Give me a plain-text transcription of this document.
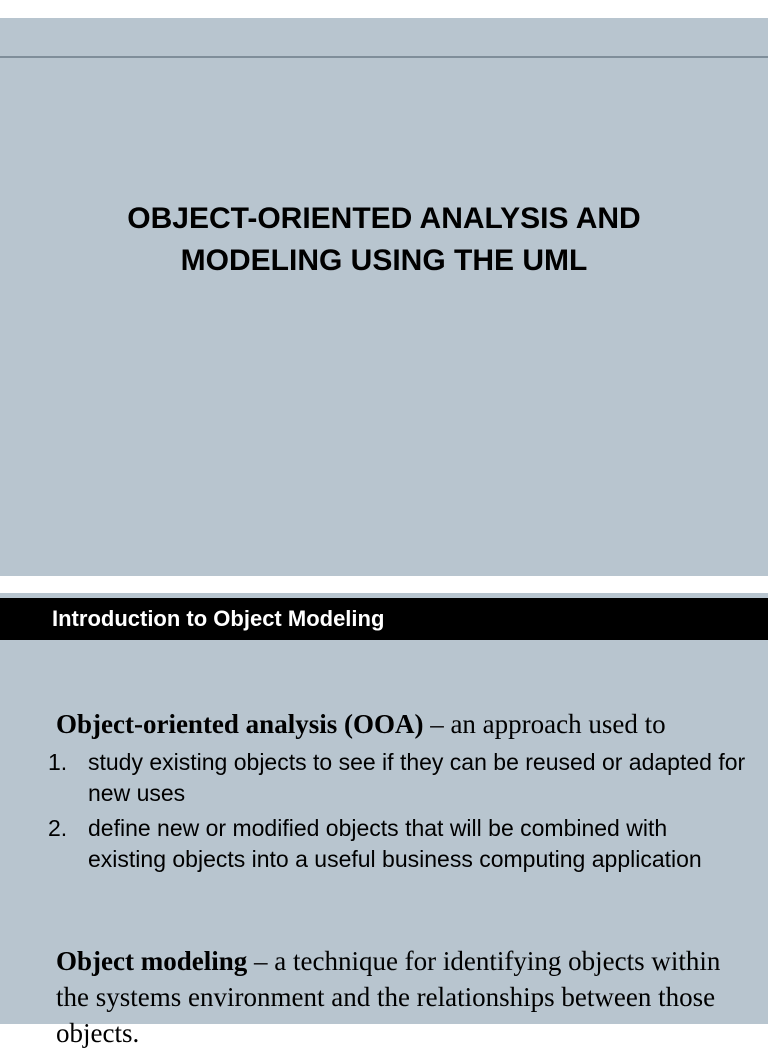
OBJECT-ORIENTED ANALYSIS AND
MODELING USING THE UML
Introduction to Object Modeling

Object-oriented analysis (OOA) – an approach used to

1. study existing objects to see if they can be reused or adapted for new uses
2. define new or modified objects that will be combined with existing objects into a useful business computing application

Object modeling – a technique for identifying objects within the systems environment and the relationships between those objects.
